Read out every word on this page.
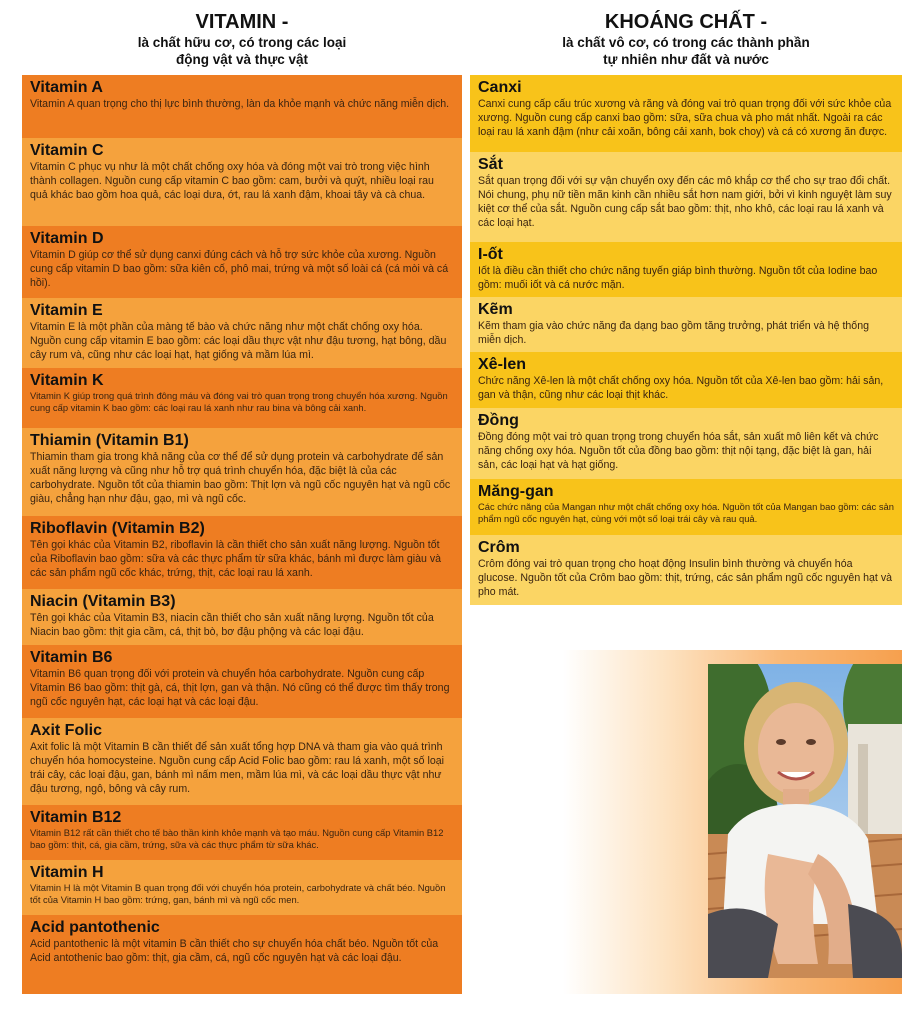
VITAMIN -
là chất hữu cơ, có trong các loại
động vật và thực vật
KHOÁNG CHẤT -
là chất vô cơ, có trong các thành phần
tự nhiên như đất và nước
Vitamin A
Vitamin A quan trọng cho thị lực bình thường, làn da khỏe mạnh và chức năng miễn dịch.
Vitamin C
Vitamin C phục vụ như là một chất chống oxy hóa và đóng một vai trò trong việc hình thành collagen. Nguồn cung cấp vitamin C bao gồm: cam, bưởi và quýt, nhiều loại rau quả khác bao gồm hoa quả, các loại dưa, ớt, rau lá xanh đậm, khoai tây và cà chua.
Vitamin D
Vitamin D giúp cơ thể sử dụng canxi đúng cách và hỗ trợ sức khỏe của xương. Nguồn cung cấp vitamin D bao gồm: sữa kiên cố, phô mai, trứng và một số loài cá (cá mòi và cá hồi).
Vitamin E
Vitamin E là một phần của màng tế bào và chức năng như một chất chống oxy hóa. Nguồn cung cấp vitamin E bao gồm: các loại dầu thực vật như đậu tương, hạt bông, dầu cây rum và, cũng như các loại hạt, hạt giống và mầm lúa mì.
Vitamin K
Vitamin K giúp trong quá trình đông máu và đóng vai trò quan trọng trong chuyển hóa xương. Nguồn cung cấp vitamin K bao gồm: các loại rau lá xanh như rau bina và bông cải xanh.
Thiamin (Vitamin B1)
Thiamin tham gia trong khả năng của cơ thể để sử dụng protein và carbohydrate để sản xuất năng lượng và cũng như hỗ trợ quá trình chuyển hóa, đặc biệt là của các carbohydrate. Nguồn tốt của thiamin bao gồm: Thịt lợn và ngũ cốc nguyên hạt và ngũ cốc giàu, chẳng hạn như đậu, gạo, mì và ngũ cốc.
Riboflavin (Vitamin B2)
Tên gọi khác của Vitamin B2, riboflavin là cần thiết cho sản xuất năng lượng. Nguồn tốt của Riboflavin bao gồm: sữa và các thực phẩm từ sữa khác, bánh mì được làm giàu và các sản phẩm ngũ cốc khác, trứng, thịt, các loại rau lá xanh.
Niacin (Vitamin B3)
Tên gọi khác của Vitamin B3, niacin cần thiết cho sản xuất năng lượng. Nguồn tốt của Niacin bao gồm: thịt gia cầm, cá, thịt bò, bơ đậu phộng và các loại đậu.
Vitamin B6
Vitamin B6 quan trọng đối với protein và chuyển hóa carbohydrate. Nguồn cung cấp Vitamin B6 bao gồm: thịt gà, cá, thịt lợn, gan và thận. Nó cũng có thể được tìm thấy trong ngũ cốc nguyên hạt, các loại hạt và các loại đậu.
Axit Folic
Axit folic là một Vitamin B cần thiết để sản xuất tổng hợp DNA và tham gia vào quá trình chuyển hóa homocysteine. Nguồn cung cấp Acid Folic bao gồm: rau lá xanh, một số loại trái cây, các loại đậu, gan, bánh mì nấm men, mầm lúa mì, và các loại dầu thực vật như đậu tương, ngô, bông và cây rum.
Vitamin B12
Vitamin B12 rất cần thiết cho tế bào thần kinh khỏe mạnh và tạo máu. Nguồn cung cấp Vitamin B12 bao gồm: thịt, cá, gia cầm, trứng, sữa và các thực phẩm từ sữa khác.
Vitamin H
Vitamin H là một Vitamin B quan trọng đối với chuyển hóa protein, carbohydrate và chất béo. Nguồn tốt của Vitamin H bao gồm: trứng, gan, bánh mì và ngũ cốc men.
Acid pantothenic
Acid pantothenic là một vitamin B cần thiết cho sự chuyển hóa chất béo. Nguồn tốt của Acid antothenic bao gồm: thịt, gia cầm, cá, ngũ cốc nguyên hạt và các loại đậu.
Canxi
Canxi cung cấp cấu trúc xương và răng và đóng vai trò quan trọng đối với sức khỏe của xương. Nguồn cung cấp canxi bao gồm: sữa, sữa chua và pho mát nhất. Ngoài ra các loại rau lá xanh đậm (như cải xoăn, bông cải xanh, bok choy) và cá có xương ăn được.
Sắt
Sắt quan trọng đối với sự vận chuyển oxy đến các mô khắp cơ thể cho sự trao đổi chất. Nói chung, phụ nữ tiền mãn kinh cần nhiều sắt hơn nam giới, bởi vì kinh nguyệt làm suy kiệt cơ thể của sắt. Nguồn cung cấp sắt bao gồm: thịt, nho khô, các loại rau lá xanh và các loại hạt.
I-ốt
Iốt là điều cần thiết cho chức năng tuyến giáp bình thường. Nguồn tốt của Iodine bao gồm: muối iốt và cá nước mặn.
Kẽm
Kẽm tham gia vào chức năng đa dạng bao gồm tăng trưởng, phát triển và hệ thống miễn dịch.
Xê-len
Chức năng Xê-len là một chất chống oxy hóa. Nguồn tốt của Xê-len bao gồm: hải sản, gan và thận, cũng như các loại thịt khác.
Đồng
Đồng đóng một vai trò quan trọng trong chuyển hóa sắt, sản xuất mô liên kết và chức năng chống oxy hóa. Nguồn tốt của đồng bao gồm: thịt nội tạng, đặc biệt là gan, hải sản, các loại hạt và hạt giống.
Măng-gan
Các chức năng của Mangan như một chất chống oxy hóa. Nguồn tốt của Mangan bao gồm: các sản phẩm ngũ cốc nguyên hạt, cùng với một số loại trái cây và rau quả.
Crôm
Crôm đóng vai trò quan trọng cho hoạt động Insulin bình thường và chuyển hóa glucose. Nguồn tốt của Crôm bao gồm: thịt, trứng, các sản phẩm ngũ cốc nguyên hạt và pho mát.
